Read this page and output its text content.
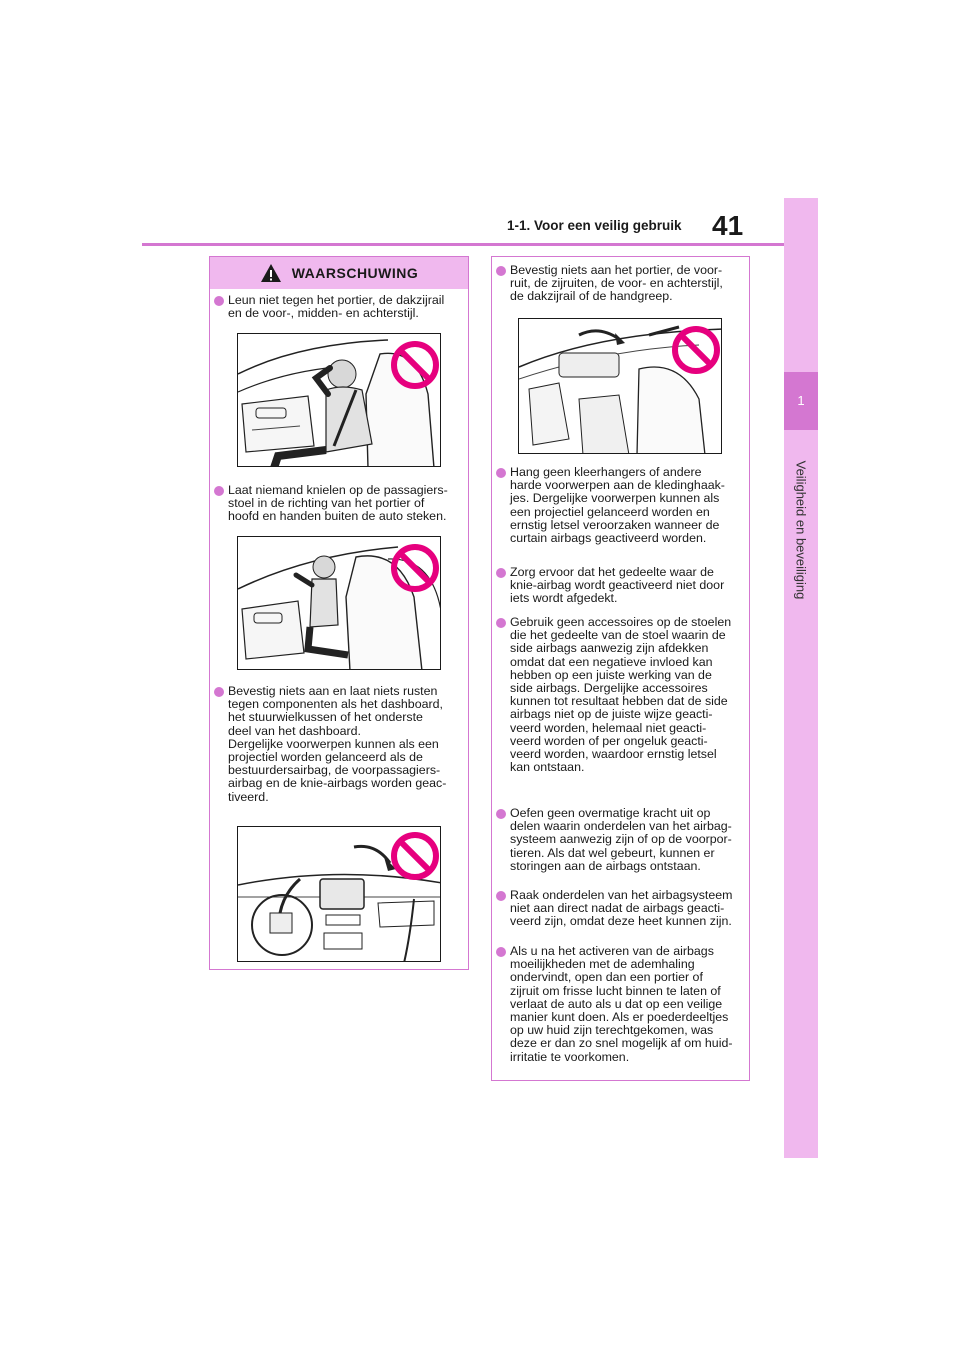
1-1. Voor een veilig gebruik 41
1
Veiligheid en beveiliging
WAARSCHUWING

Leun niet tegen het portier, de dakzijrail
en de voor-, midden- en achterstijl.

Laat niemand knielen op de passagiers-
stoel in de richting van het portier of
hoofd en handen buiten de auto steken.

Bevestig niets aan en laat niets rusten
tegen componenten als het dashboard,
het stuurwielkussen of het onderste
deel van het dashboard.
Dergelijke voorwerpen kunnen als een
projectiel worden gelanceerd als de
bestuurdersairbag, de voorpassagiers-
airbag en de knie-airbags worden geac-
tiveerd.

Bevestig niets aan het portier, de voor-
ruit, de zijruiten, de voor- en achterstijl,
de dakzijrail of de handgreep.

Hang geen kleerhangers of andere
harde voorwerpen aan de kledinghaak-
jes. Dergelijke voorwerpen kunnen als
een projectiel gelanceerd worden en
ernstig letsel veroorzaken wanneer de
curtain airbags geactiveerd worden.

Zorg ervoor dat het gedeelte waar de
knie-airbag wordt geactiveerd niet door
iets wordt afgedekt.

Gebruik geen accessoires op de stoelen
die het gedeelte van de stoel waarin de
side airbags aanwezig zijn afdekken
omdat dat een negatieve invloed kan
hebben op een juiste werking van de
side airbags. Dergelijke accessoires
kunnen tot resultaat hebben dat de side
airbags niet op de juiste wijze geacti-
veerd worden, helemaal niet geacti-
veerd worden of per ongeluk geacti-
veerd worden, waardoor ernstig letsel
kan ontstaan.

Oefen geen overmatige kracht uit op
delen waarin onderdelen van het airbag-
systeem aanwezig zijn of op de voorpor-
tieren. Als dat wel gebeurt, kunnen er
storingen aan de airbags ontstaan.

Raak onderdelen van het airbagsysteem
niet aan direct nadat de airbags geacti-
veerd zijn, omdat deze heet kunnen zijn.

Als u na het activeren van de airbags
moeilijkheden met de ademhaling
ondervindt, open dan een portier of
zijruit om frisse lucht binnen te laten of
verlaat de auto als u dat op een veilige
manier kunt doen. Als er poederdeeltjes
op uw huid zijn terechtgekomen, was
deze er dan zo snel mogelijk af om huid-
irritatie te voorkomen.
